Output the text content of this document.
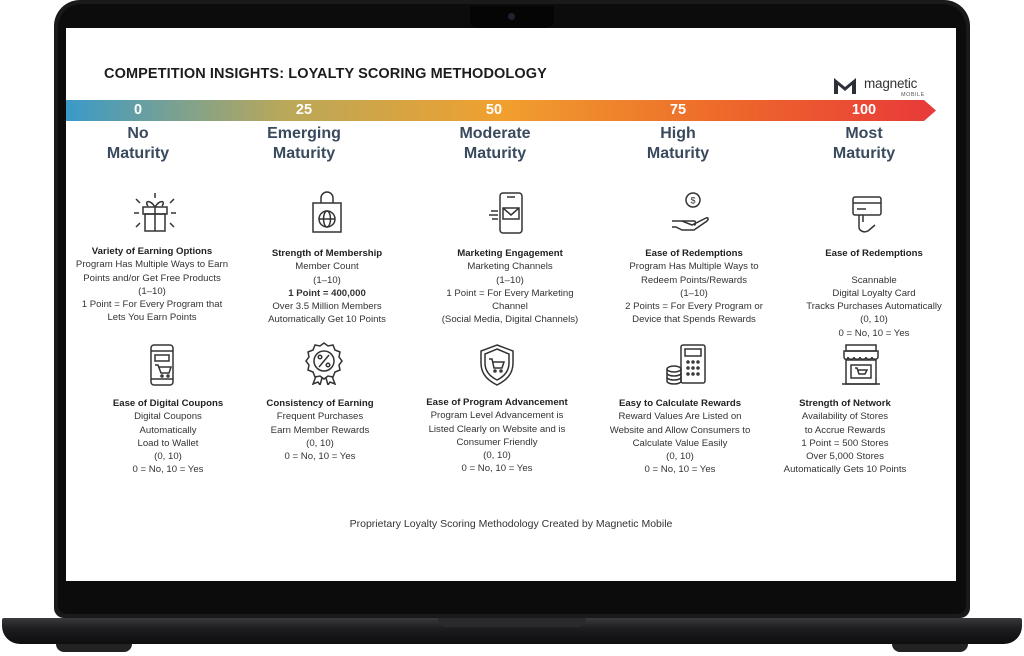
COMPETITION INSIGHTS: LOYALTY SCORING METHODOLOGY
magnetic
MOBILE
0	25	50	75	100
No
Maturity
Emerging
Maturity
Moderate
Maturity
High
Maturity
Most
Maturity
$
Variety of Earning Options
Program Has Multiple Ways to Earn
Points and/or Get Free Products
(1–10)
1 Point = For Every Program that
Lets You Earn Points
Strength of Membership
Member Count
(1–10)
1 Point = 400,000
Over 3.5 Million Members
Automatically Get 10 Points
Marketing Engagement
Marketing Channels
(1–10)
1 Point = For Every Marketing
Channel
(Social Media, Digital Channels)
Ease of Redemptions
Program Has Multiple Ways to
Redeem Points/Rewards
(1–10)
2 Points = For Every Program or
Device that Spends Rewards
Ease of Redemptions

Scannable
Digital Loyalty Card
Tracks Purchases Automatically
(0, 10)
0 = No, 10 = Yes
Ease of Digital Coupons
Digital Coupons
Automatically
Load to Wallet
(0, 10)
0 = No, 10 = Yes
Consistency of Earning
Frequent Purchases
Earn Member Rewards
(0, 10)
0 = No, 10 = Yes
Ease of Program Advancement
Program Level Advancement is
Listed Clearly on Website and is
Consumer Friendly
(0, 10)
0 = No, 10 = Yes
Easy to Calculate Rewards
Reward Values Are Listed on
Website and Allow Consumers to
Calculate Value Easily
(0, 10)
0 = No, 10 = Yes
Strength of Network
Availability of Stores
to Accrue Rewards
1 Point = 500 Stores
Over 5,000 Stores
Automatically Gets 10 Points
Proprietary Loyalty Scoring Methodology Created by Magnetic Mobile
